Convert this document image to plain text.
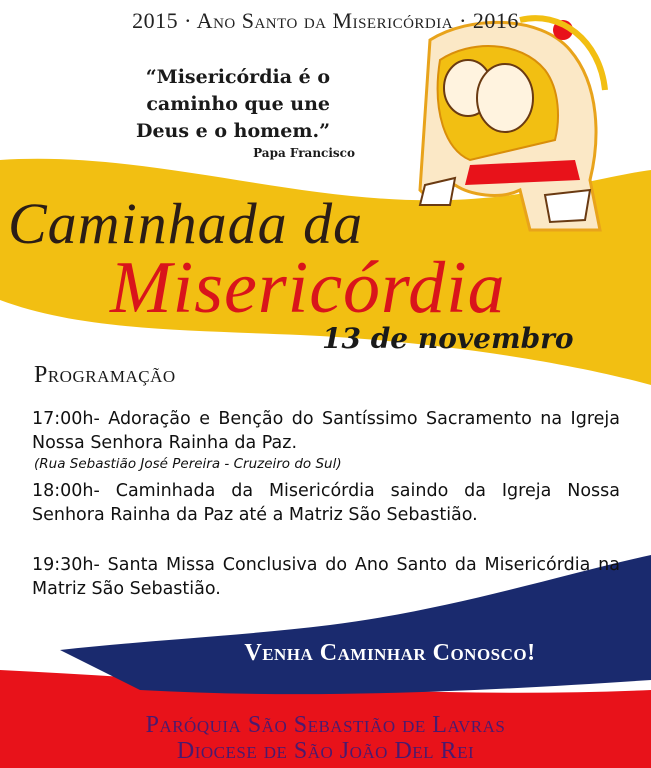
2015 · Ano Santo da Misericórdia · 2016
“Misericórdia é o
caminho que une
Deus e o homem.”
Papa Francisco
Caminhada da
Misericórdia
13 de novembro
Programação
17:00h- Adoração e Benção do Santíssimo Sacramento na Igreja Nossa Senhora Rainha da Paz.
(Rua Sebastião José Pereira - Cruzeiro do Sul)
18:00h- Caminhada da Misericórdia saindo da Igreja Nossa Senhora Rainha da Paz até a Matriz São Sebastião.
19:30h- Santa Missa Conclusiva do Ano Santo da Misericórdia na Matriz São Sebastião.
Venha Caminhar Conosco!
Paróquia São Sebastião de Lavras
Diocese de São João Del Rei
